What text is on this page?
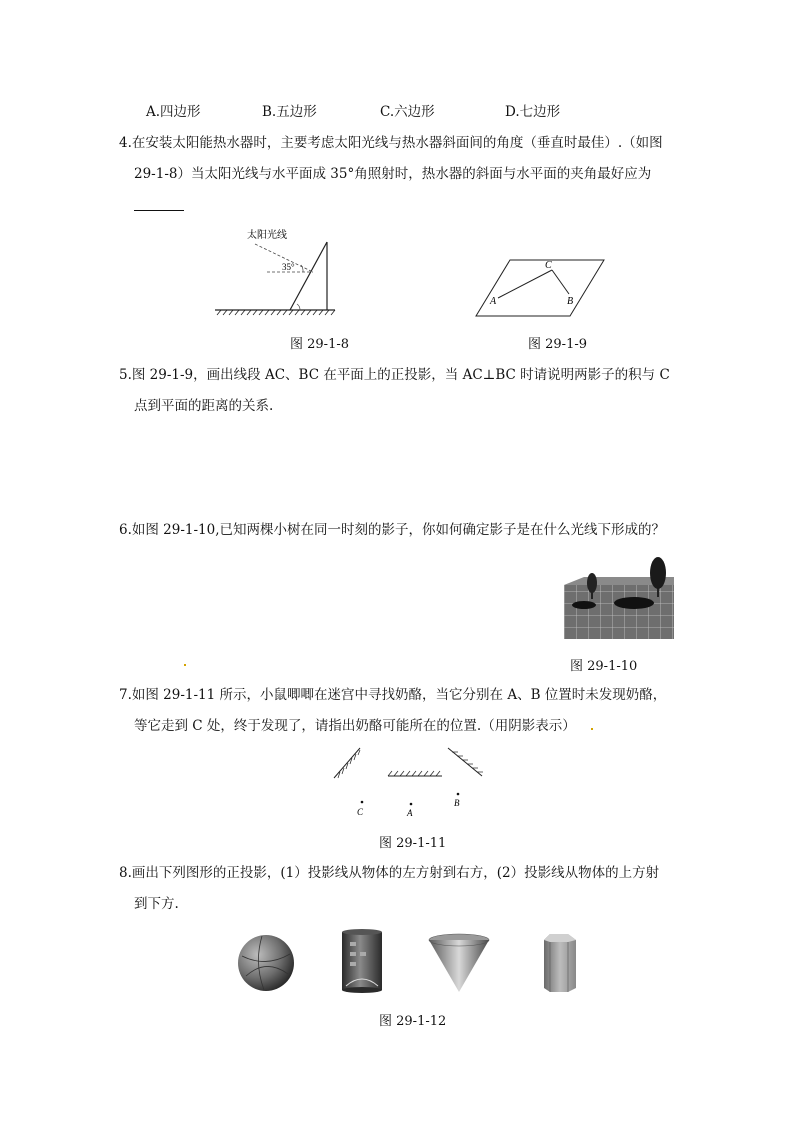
A.四边形	B.五边形	C.六边形	D.七边形
4.在安装太阳能热水器时，主要考虑太阳光线与热水器斜面间的角度（垂直时最佳）.（如图
29-1-8）当太阳光线与水平面成 35°角照射时，热水器的斜面与水平面的夹角最好应为
太阳光线
35°
图 29-1-8
A	B
C
图 29-1-9
5.图 29-1-9，画出线段 AC、BC 在平面上的正投影，当 AC⊥BC 时请说明两影子的积与 C
点到平面的距离的关系.
6.如图 29-1-10,已知两棵小树在同一时刻的影子，你如何确定影子是在什么光线下形成的？
图 29-1-10
7.如图 29-1-11 所示，小鼠唧唧在迷宫中寻找奶酪，当它分别在 A、B 位置时未发现奶酪，
等它走到 C 处，终于发现了，请指出奶酪可能所在的位置.（用阴影表示）
C	A
B
图 29-1-11
8.画出下列图形的正投影，(1）投影线从物体的左方射到右方，(2）投影线从物体的上方射
到下方.
图 29-1-12
